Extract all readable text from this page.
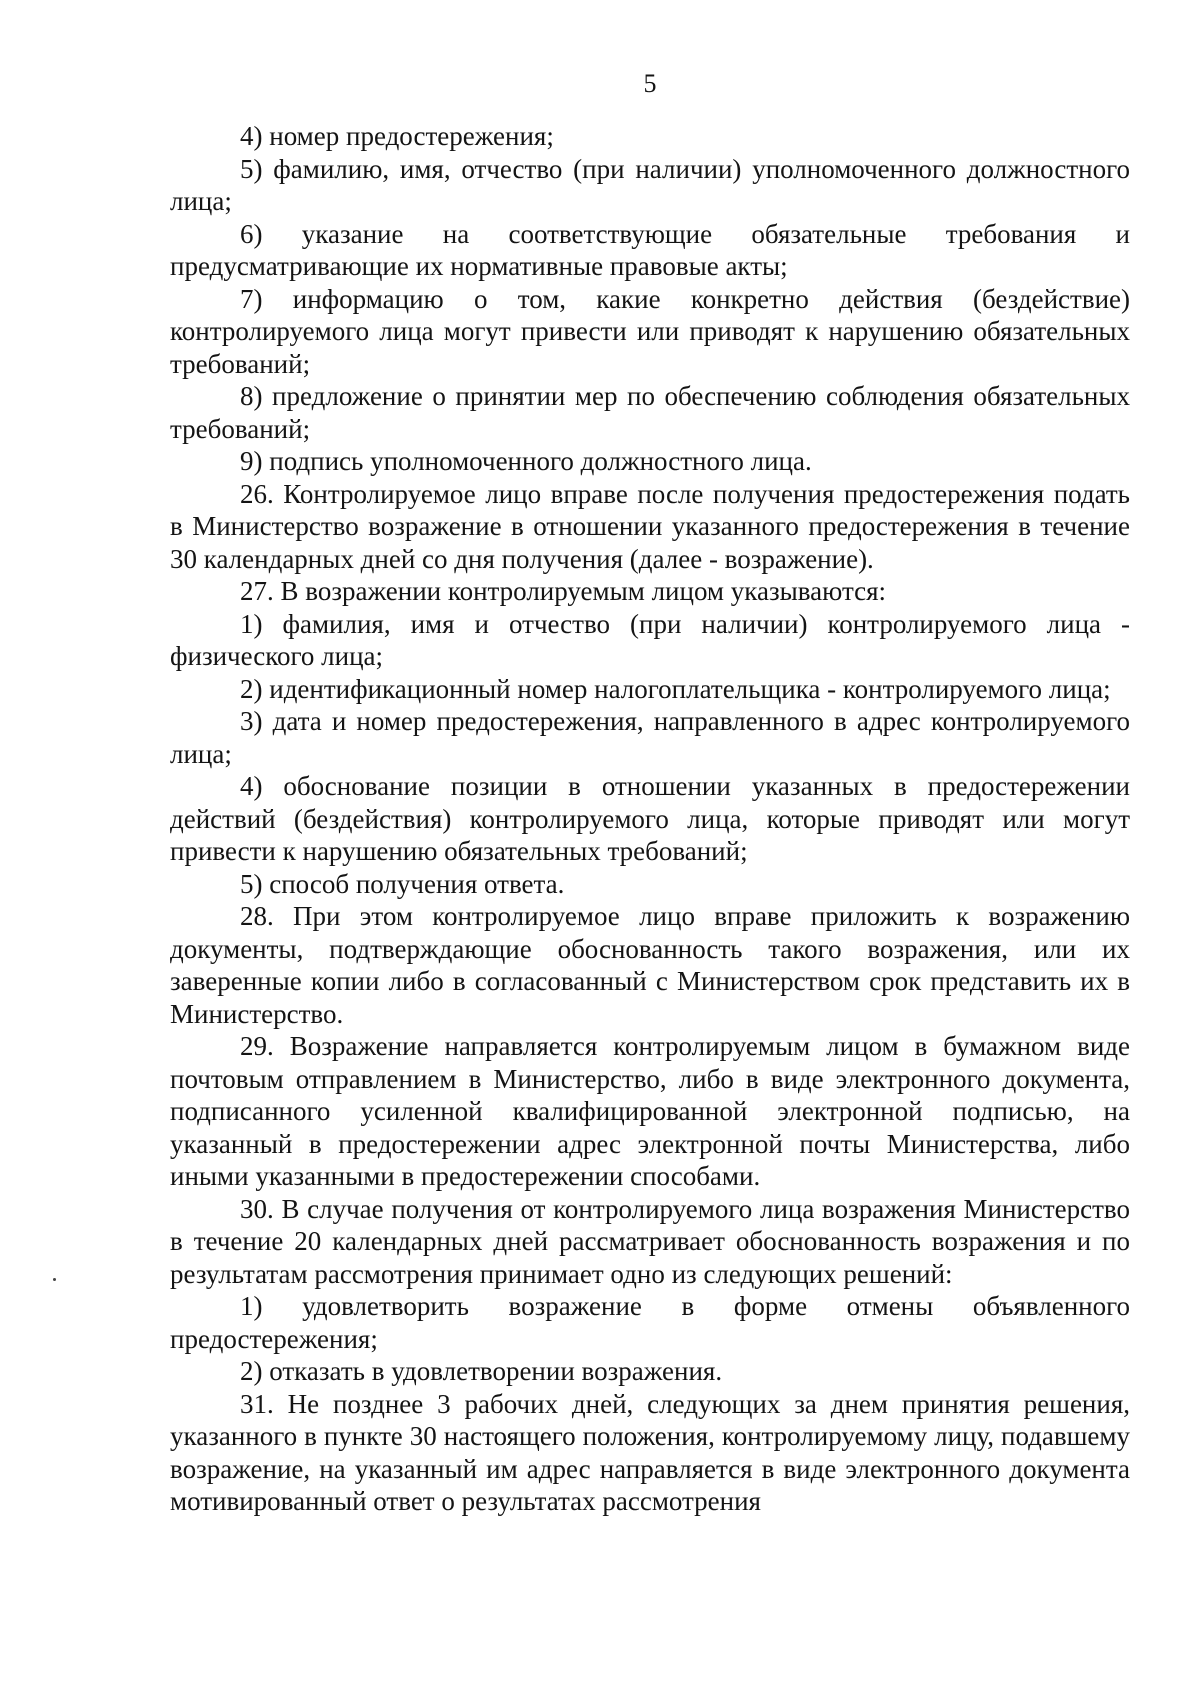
5

4) номер предостережения;

5) фамилию, имя, отчество (при наличии) уполномоченного должностного лица;

6) указание на соответствующие обязательные требования и предусматривающие их нормативные правовые акты;

7) информацию о том, какие конкретно действия (бездействие) контролируемого лица могут привести или приводят к нарушению обязательных требований;

8) предложение о принятии мер по обеспечению соблюдения обязательных требований;

9) подпись уполномоченного должностного лица.

26. Контролируемое лицо вправе после получения предостережения подать в Министерство возражение в отношении указанного предостережения в течение 30 календарных дней со дня получения (далее - возражение).

27. В возражении контролируемым лицом указываются:

1) фамилия, имя и отчество (при наличии) контролируемого лица - физического лица;

2) идентификационный номер налогоплательщика - контролируемого лица;

3) дата и номер предостережения, направленного в адрес контролируемого лица;

4) обоснование позиции в отношении указанных в предостережении действий (бездействия) контролируемого лица, которые приводят или могут привести к нарушению обязательных требований;

5) способ получения ответа.

28. При этом контролируемое лицо вправе приложить к возражению документы, подтверждающие обоснованность такого возражения, или их заверенные копии либо в согласованный с Министерством срок представить их в Министерство.

29. Возражение направляется контролируемым лицом в бумажном виде почтовым отправлением в Министерство, либо в виде электронного документа, подписанного усиленной квалифицированной электронной подписью, на указанный в предостережении адрес электронной почты Министерства, либо иными указанными в предостережении способами.

30. В случае получения от контролируемого лица возражения Министерство в течение 20 календарных дней рассматривает обоснованность возражения и по результатам рассмотрения принимает одно из следующих решений:

1) удовлетворить возражение в форме отмены объявленного предостережения;

2) отказать в удовлетворении возражения.

31. Не позднее 3 рабочих дней, следующих за днем принятия решения, указанного в пункте 30 настоящего положения, контролируемому лицу, подавшему возражение, на указанный им адрес направляется в виде электронного документа мотивированный ответ о результатах рассмотрения
